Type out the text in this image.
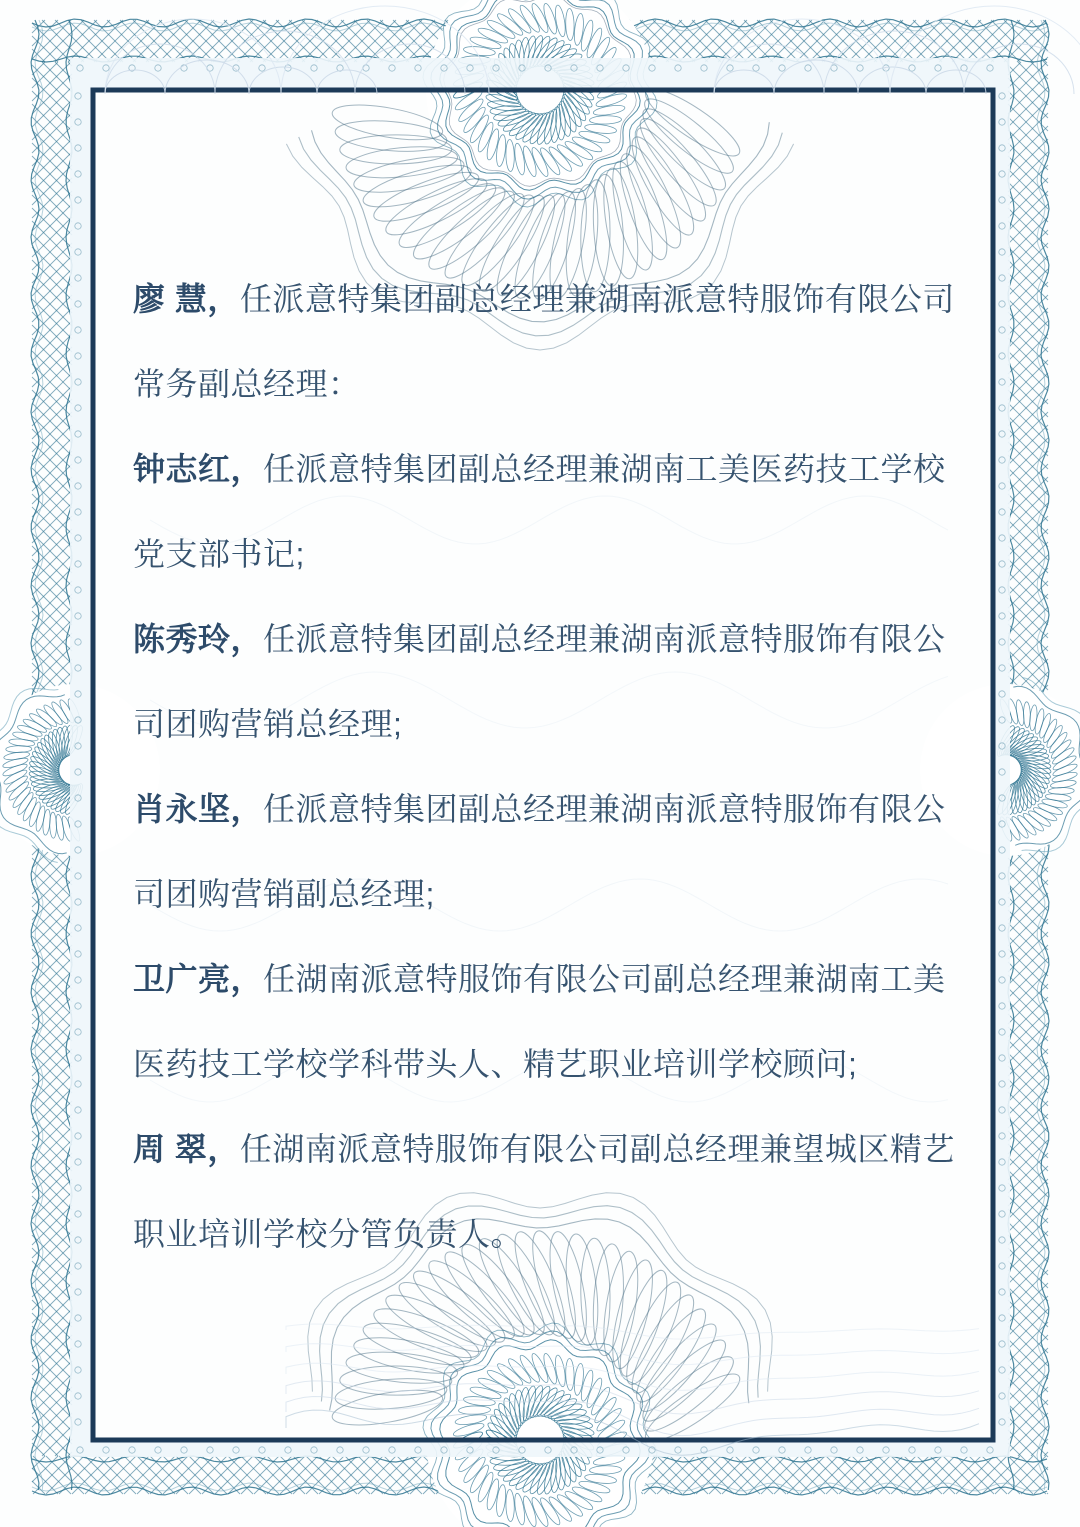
廖 慧，任派意特集团副总经理兼湖南派意特服饰有限公司

常务副总经理：

钟志红，任派意特集团副总经理兼湖南工美医药技工学校

党支部书记;

陈秀玲，任派意特集团副总经理兼湖南派意特服饰有限公

司团购营销总经理;

肖永坚，任派意特集团副总经理兼湖南派意特服饰有限公

司团购营销副总经理;

卫广亮，任湖南派意特服饰有限公司副总经理兼湖南工美

医药技工学校学科带头人、精艺职业培训学校顾问;

周 翠，任湖南派意特服饰有限公司副总经理兼望城区精艺

职业培训学校分管负责人。
